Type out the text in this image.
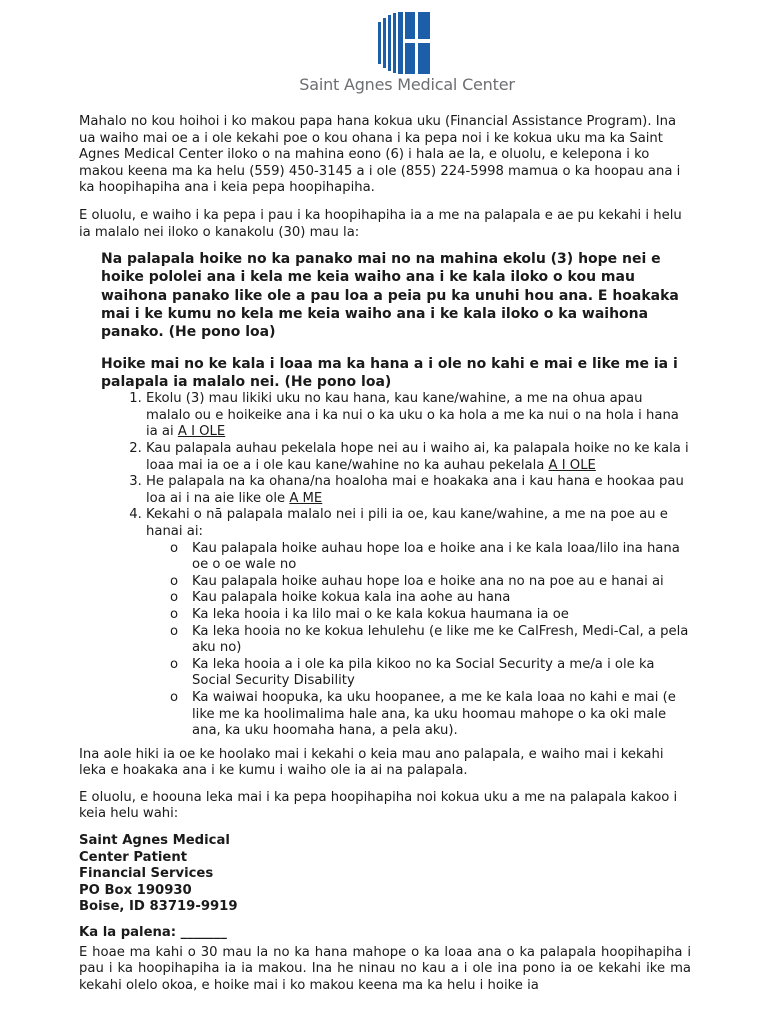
Saint Agnes Medical Center

Mahalo no kou hoihoi i ko makou papa hana kokua uku (Financial Assistance Program). Ina ua waiho mai oe a i ole kekahi poe o kou ohana i ka pepa noi i ke kokua uku ma ka Saint Agnes Medical Center iloko o na mahina eono (6) i hala ae la, e oluolu, e kelepona i ko makou keena ma ka helu (559) 450-3145 a i ole (855) 224-5998 mamua o ka hoopau ana i ka hoopihapiha ana i keia pepa hoopihapiha.

E oluolu, e waiho i ka pepa i pau i ka hoopihapiha ia a me na palapala e ae pu kekahi i helu ia malalo nei iloko o kanakolu (30) mau la:

Na palapala hoike no ka panako mai no na mahina ekolu (3) hope nei e hoike pololei ana i kela me keia waiho ana i ke kala iloko o kou mau waihona panako like ole a pau loa a peia pu ka unuhi hou ana. E hoakaka mai i ke kumu no kela me keia waiho ana i ke kala iloko o ka waihona panako. (He pono loa)
Hoike mai no ke kala i loaa ma ka hana a i ole no kahi e mai e like me ia i palapala ia malalo nei. (He pono loa)
1. Ekolu (3) mau likiki uku no kau hana, kau kane/wahine, a me na ohua apau malalo ou e hoikeike ana i ka nui o ka uku o ka hola a me ka nui o na hola i hana ia ai A I OLE
2. Kau palapala auhau pekelala hope nei au i waiho ai, ka palapala hoike no ke kala i loaa mai ia oe a i ole kau kane/wahine no ka auhau pekelala A I OLE
3. He palapala na ka ohana/na hoaloha mai e hoakaka ana i kau hana e hookaa pau loa ai i na aie like ole A ME
4. Kekahi o nā palapala malalo nei i pili ia oe, kau kane/wahine, a me na poe au e hanai ai:
o Kau palapala hoike auhau hope loa e hoike ana i ke kala loaa/lilo ina hana oe o oe wale no
o Kau palapala hoike auhau hope loa e hoike ana no na poe au e hanai ai
o Kau palapala hoike kokua kala ina aohe au hana
o Ka leka hooia i ka lilo mai o ke kala kokua haumana ia oe
o Ka leka hooia no ke kokua lehulehu (e like me ke CalFresh, Medi-Cal, a pela aku no)
o Ka leka hooia a i ole ka pila kikoo no ka Social Security a me/a i ole ka Social Security Disability
o Ka waiwai hoopuka, ka uku hoopanee, a me ke kala loaa no kahi e mai (e like me ka hoolimalima hale ana, ka uku hoomau mahope o ka oki male ana, ka uku hoomaha hana, a pela aku).

Ina aole hiki ia oe ke hoolako mai i kekahi o keia mau ano palapala, e waiho mai i kekahi leka e hoakaka ana i ke kumu i waiho ole ia ai na palapala.

E oluolu, e hoouna leka mai i ka pepa hoopihapiha noi kokua uku a me na palapala kakoo i keia helu wahi:

Saint Agnes Medical
Center Patient
Financial Services
PO Box 190930
Boise, ID 83719-9919
Ka la palena: _______

E hoae ma kahi o 30 mau la no ka hana mahope o ka loaa ana o ka palapala hoopihapiha i pau i ka hoopihapiha ia ia makou. Ina he ninau no kau a i ole ina pono ia oe kekahi ike ma kekahi olelo okoa, e hoike mai i ko makou keena ma ka helu i hoike ia
